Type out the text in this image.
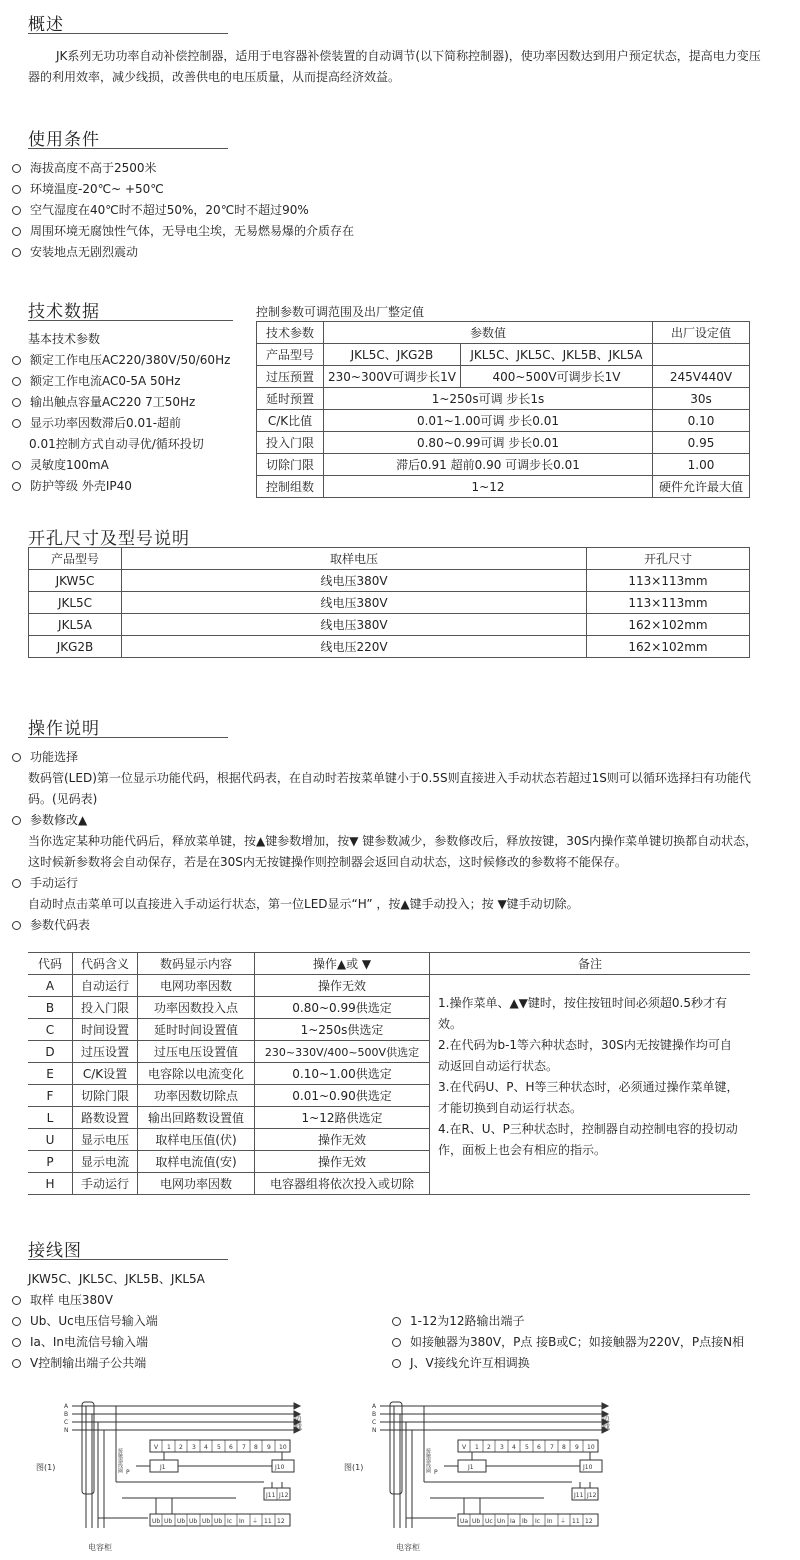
概述
JK系列无功功率自动补偿控制器，适用于电容器补偿装置的自动调节(以下简称控制器)，使功率因数达到用户预定状态，提高电力变压器的利用效率，减少线损，改善供电的电压质量，从而提高经济效益。
使用条件
海拔高度不高于2500米
环境温度-20℃~ +50℃
空气湿度在40℃时不超过50%，20℃时不超过90%
周围环境无腐蚀性气体，无导电尘埃，无易燃易爆的介质存在
安装地点无剧烈震动
技术数据
基本技术参数
额定工作电压AC220/380V/50/60Hz
额定工作电流AC0-5A 50Hz
输出触点容量AC220 7工50Hz
显示功率因数滞后0.01-超前
0.01控制方式自动寻优/循环投切
灵敏度100mA
防护等级 外壳IP40
控制参数可调范围及出厂整定值
技术参数	参数值		出厂设定值
产品型号	JKL5C、JKG2B	JKL5C、JKL5C、JKL5B、JKL5A	
过压预置	230~300V可调步长1V	400~500V可调步长1V	245V440V
延时预置	1~250s可调 步长1s		30s
C/K比值	0.01~1.00可调 步长0.01		0.10
投入门限	0.80~0.99可调 步长0.01		0.95
切除门限	滞后0.91 超前0.90 可调步长0.01		1.00
控制组数	1~12		硬件允许最大值
开孔尺寸及型号说明
产品型号	取样电压	开孔尺寸
JKW5C	线电压380V	113×113mm
JKL5C	线电压380V	113×113mm
JKL5A	线电压380V	162×102mm
JKG2B	线电压220V	162×102mm
操作说明
功能选择
数码管(LED)第一位显示功能代码，根据代码表，在自动时若按菜单键小于0.5S则直接进入手动状态若超过1S则可以循环选择扫有功能代码。(见码表)
参数修改▲
当你选定某种功能代码后，释放菜单键，按▲键参数增加，按▼ 键参数减少，参数修改后，释放按键，30S内操作菜单键切换都自动状态，这时候新参数将会自动保存，若是在30S内无按键操作则控制器会返回自动状态，这时候修改的参数将不能保存。
手动运行
自动时点击菜单可以直接进入手动运行状态，第一位LED显示“H” ，按▲键手动投入；按 ▼键手动切除。
参数代码表
代码	代码含义	数码显示内容	操作▲或 ▼	备注
A	自动运行	电网功率因数	操作无效	1.操作菜单、▲▼键时，按住按钮时间必须超0.5秒才有效。
2.在代码为b-1等六种状态时，30S内无按键操作均可自动返回自动运行状态。
3.在代码U、P、H等三种状态时，必须通过操作菜单键，才能切换到自动运行状态。
4.在R、U、P三种状态时，控制器自动控制电容的投切动作，面板上也会有相应的指示。

B	投入门限	功率因数投入点	0.80~0.99供选定	
C	时间设置	延时时间设置值	1~250s供选定	
D	过压设置	过压电压设置值	230~330V/400~500V供选定	
E	C/K设置	电容除以电流变化	0.10~1.00供选定	
F	切除门限	功率因数切除点	0.01~0.90供选定	
L	路数设置	输出回路数设置值	1~12路供选定	
U	显示电压	取样电压值(伏)	操作无效	
P	显示电流	取样电流值(安)	操作无效	
H	手动运行	电网功率因数	电容器组将依次投入或切除	
接线图
JKW5C、JKL5C、JKL5B、JKL5A
取样 电压380V
Ub、Uc电压信号输入端
Ia、In电流信号输入端
V控制输出端子公共端
1-12为12路输出端子
如接触器为380V，P点 接B或C；如接触器为220V，P点接N相
J、V接线允许互相调换
A
B
C
N
负载
图(1)
电容柜
V 1 2 3 4 5 6 7 8 9 10
J1	J10
J11 J12
P
接触器线圈
Ub Ub Ub Ub Ub Ub Ic In ⏚ 11 12
A
B
C
N
负载
图(1)
电容柜
V 1 2 3 4 5 6 7 8 9 10
J1	J10
J11 J12
P
接触器线圈
Ua Ub Uc Un Ia Ib Ic In ⏚ 11 12
